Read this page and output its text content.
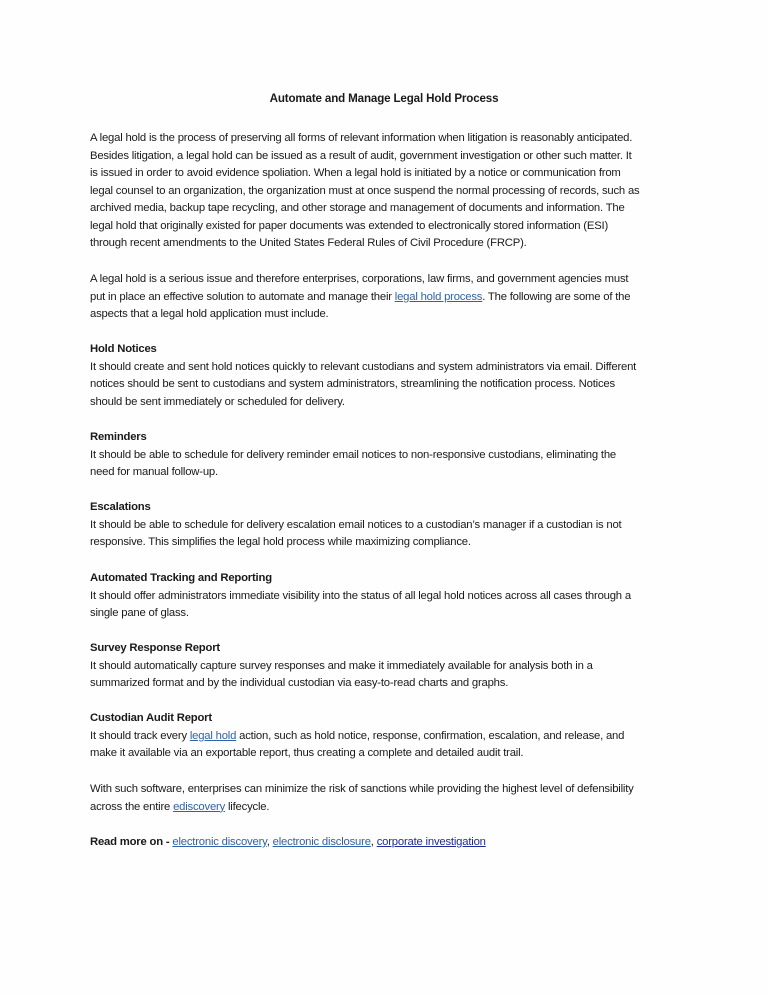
Automate and Manage Legal Hold Process
A legal hold is the process of preserving all forms of relevant information when litigation is reasonably anticipated.
Besides litigation, a legal hold can be issued as a result of audit, government investigation or other such matter. It
is issued in order to avoid evidence spoliation. When a legal hold is initiated by a notice or communication from
legal counsel to an organization, the organization must at once suspend the normal processing of records, such as
archived media, backup tape recycling, and other storage and management of documents and information. The
legal hold that originally existed for paper documents was extended to electronically stored information (ESI)
through recent amendments to the United States Federal Rules of Civil Procedure (FRCP).
A legal hold is a serious issue and therefore enterprises, corporations, law firms, and government agencies must
put in place an effective solution to automate and manage their legal hold process. The following are some of the
aspects that a legal hold application must include.
Hold Notices
It should create and sent hold notices quickly to relevant custodians and system administrators via email. Different
notices should be sent to custodians and system administrators, streamlining the notification process. Notices
should be sent immediately or scheduled for delivery.
Reminders
It should be able to schedule for delivery reminder email notices to non-responsive custodians, eliminating the
need for manual follow-up.
Escalations
It should be able to schedule for delivery escalation email notices to a custodian’s manager if a custodian is not
responsive. This simplifies the legal hold process while maximizing compliance.
Automated Tracking and Reporting
It should offer administrators immediate visibility into the status of all legal hold notices across all cases through a
single pane of glass.
Survey Response Report
It should automatically capture survey responses and make it immediately available for analysis both in a
summarized format and by the individual custodian via easy-to-read charts and graphs.
Custodian Audit Report
It should track every legal hold action, such as hold notice, response, confirmation, escalation, and release, and
make it available via an exportable report, thus creating a complete and detailed audit trail.
With such software, enterprises can minimize the risk of sanctions while providing the highest level of defensibility
across the entire ediscovery lifecycle.
Read more on - electronic discovery, electronic disclosure, corporate investigation
